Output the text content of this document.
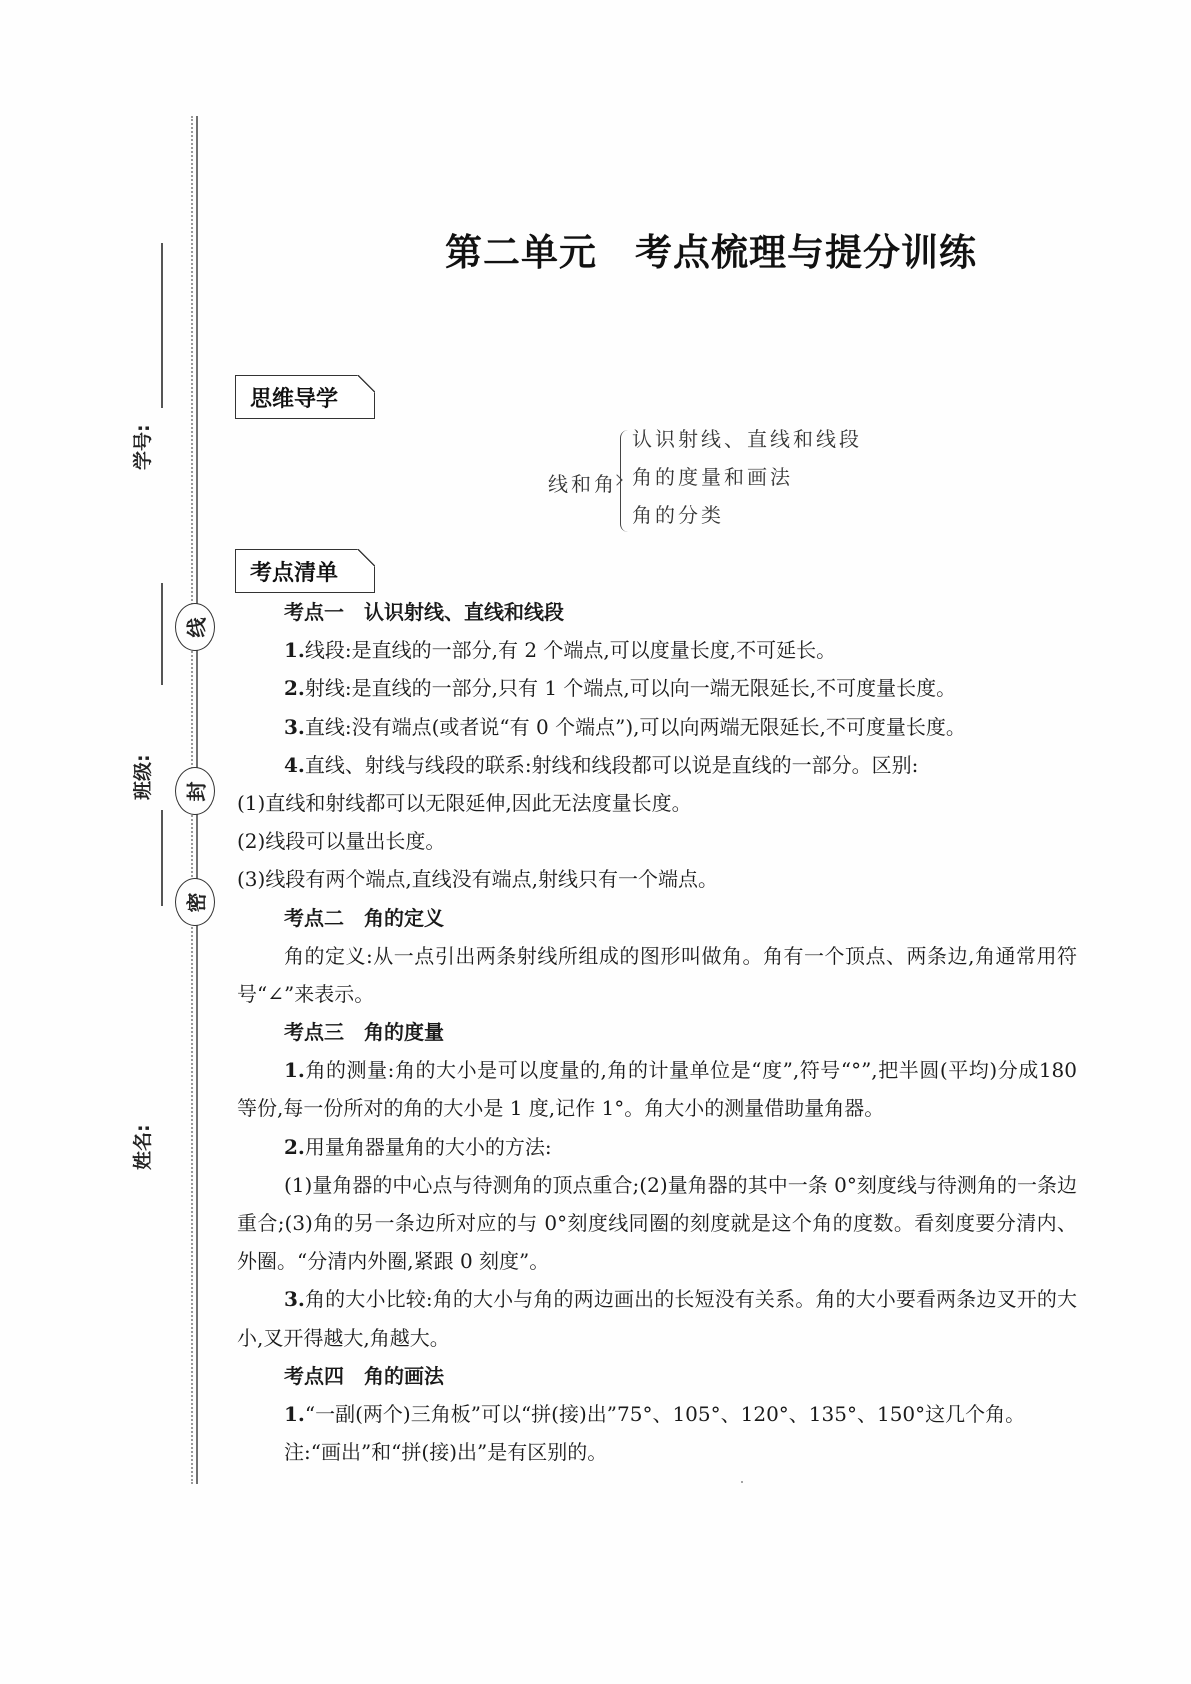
线
封
密
学号:
班级:
姓名:
第二单元　考点梳理与提分训练
思维导学
线和角
认识射线、直线和线段
角的度量和画法
角的分类
考点清单
考点一　认识射线、直线和线段
1.线段:是直线的一部分,有 2 个端点,可以度量长度,不可延长。
2.射线:是直线的一部分,只有 1 个端点,可以向一端无限延长,不可度量长度。
3.直线:没有端点(或者说“有 0 个端点”),可以向两端无限延长,不可度量长度。
4.直线、射线与线段的联系:射线和线段都可以说是直线的一部分。区别:
(1)直线和射线都可以无限延伸,因此无法度量长度。
(2)线段可以量出长度。
(3)线段有两个端点,直线没有端点,射线只有一个端点。
考点二　角的定义
角的定义:从一点引出两条射线所组成的图形叫做角。角有一个顶点、两条边,角通常用符号“∠”来表示。
考点三　角的度量
1.角的测量:角的大小是可以度量的,角的计量单位是“度”,符号“°”,把半圆(平均)分成180 等份,每一份所对的角的大小是 1 度,记作 1°。角大小的测量借助量角器。
2.用量角器量角的大小的方法:
(1)量角器的中心点与待测角的顶点重合;(2)量角器的其中一条 0°刻度线与待测角的一条边重合;(3)角的另一条边所对应的与 0°刻度线同圈的刻度就是这个角的度数。看刻度要分清内、外圈。“分清内外圈,紧跟 0 刻度”。
3.角的大小比较:角的大小与角的两边画出的长短没有关系。角的大小要看两条边叉开的大小,叉开得越大,角越大。
考点四　角的画法
1.“一副(两个)三角板”可以“拼(接)出”75°、105°、120°、135°、150°这几个角。
注:“画出”和“拼(接)出”是有区别的。
